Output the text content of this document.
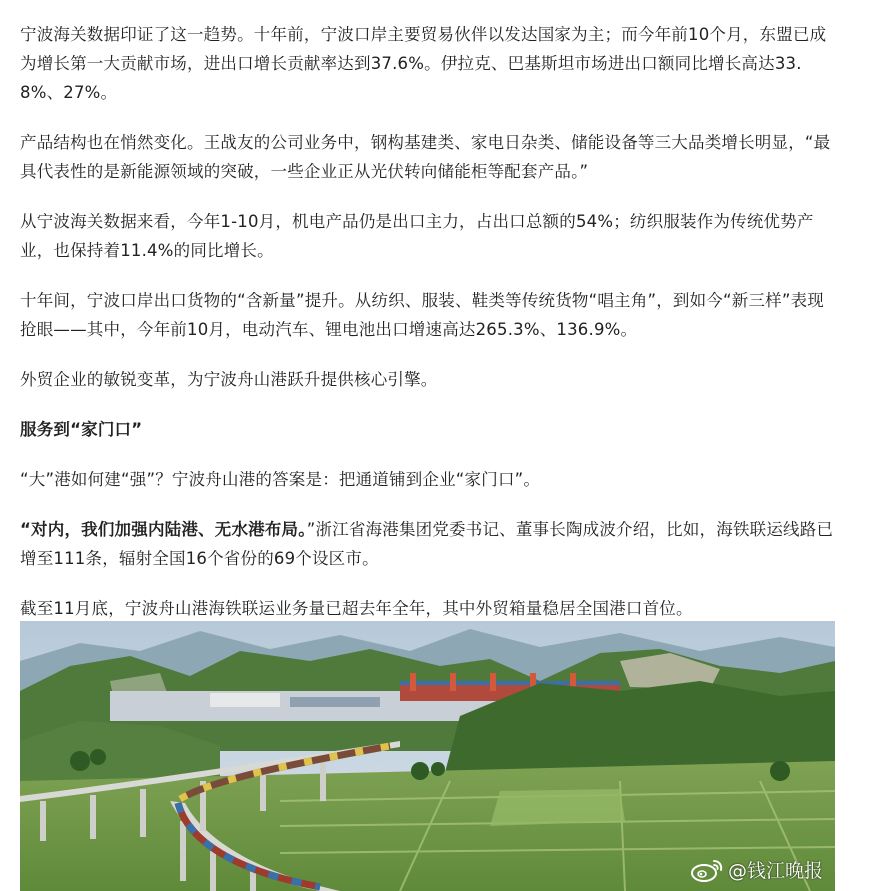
宁波海关数据印证了这一趋势。十年前，宁波口岸主要贸易伙伴以发达国家为主；而今年前10个月，东盟已成为增长第一大贡献市场，进出口增长贡献率达到37.6%。伊拉克、巴基斯坦市场进出口额同比增长高达33.8%、27%。

产品结构也在悄然变化。王战友的公司业务中，钢构基建类、家电日杂类、储能设备等三大品类增长明显，“最具代表性的是新能源领域的突破，一些企业正从光伏转向储能柜等配套产品。”

从宁波海关数据来看，今年1-10月，机电产品仍是出口主力，占出口总额的54%；纺织服装作为传统优势产业，也保持着11.4%的同比增长。

十年间，宁波口岸出口货物的“含新量”提升。从纺织、服装、鞋类等传统货物“唱主角”，到如今“新三样”表现抢眼——其中，今年前10月，电动汽车、锂电池出口增速高达265.3%、136.9%。

外贸企业的敏锐变革，为宁波舟山港跃升提供核心引擎。

服务到“家门口”

“大”港如何建“强”？宁波舟山港的答案是：把通道铺到企业“家门口”。

“对内，我们加强内陆港、无水港布局。”浙江省海港集团党委书记、董事长陶成波介绍，比如，海铁联运线路已增至111条，辐射全国16个省份的69个设区市。

截至11月底，宁波舟山港海铁联运业务量已超去年全年，其中外贸箱量稳居全国港口首位。

@钱江晚报
